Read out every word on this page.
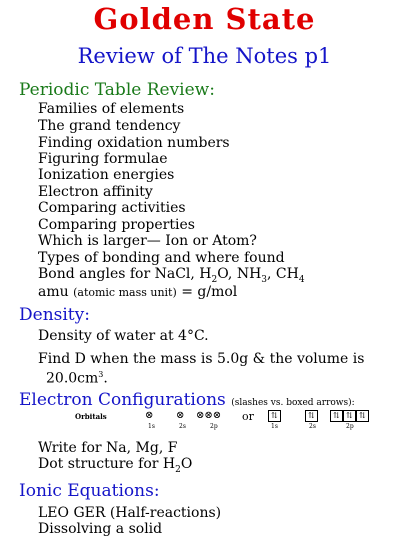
Golden State
Review of The Notes p1
Periodic Table Review:
Families of elements
The grand tendency
Finding oxidation numbers
Figuring formulae
Ionization energies
Electron affinity
Comparing activities
Comparing properties
Which is larger— Ion or Atom?
Types of bonding and where found
Bond angles for NaCl, $H_2O$, $NH_3$, $CH_4$
amu (atomic mass unit) = g/mol
Density:
Density of water at 4°C.
Find D when the mass is 5.0g & the volume is
$20.0cm^3$.
Electron Configurations (slashes vs. boxed arrows):
Orbitals	⊗
1s
⊗
2s
⊗⊗⊗
2p
or	⇅
1s
⇅
2s
⇅ ⇅ ⇅
2p
Write for Na, Mg, F
Dot structure for $H_2O$
Ionic Equations:
LEO GER (Half-reactions)
Dissolving a solid
